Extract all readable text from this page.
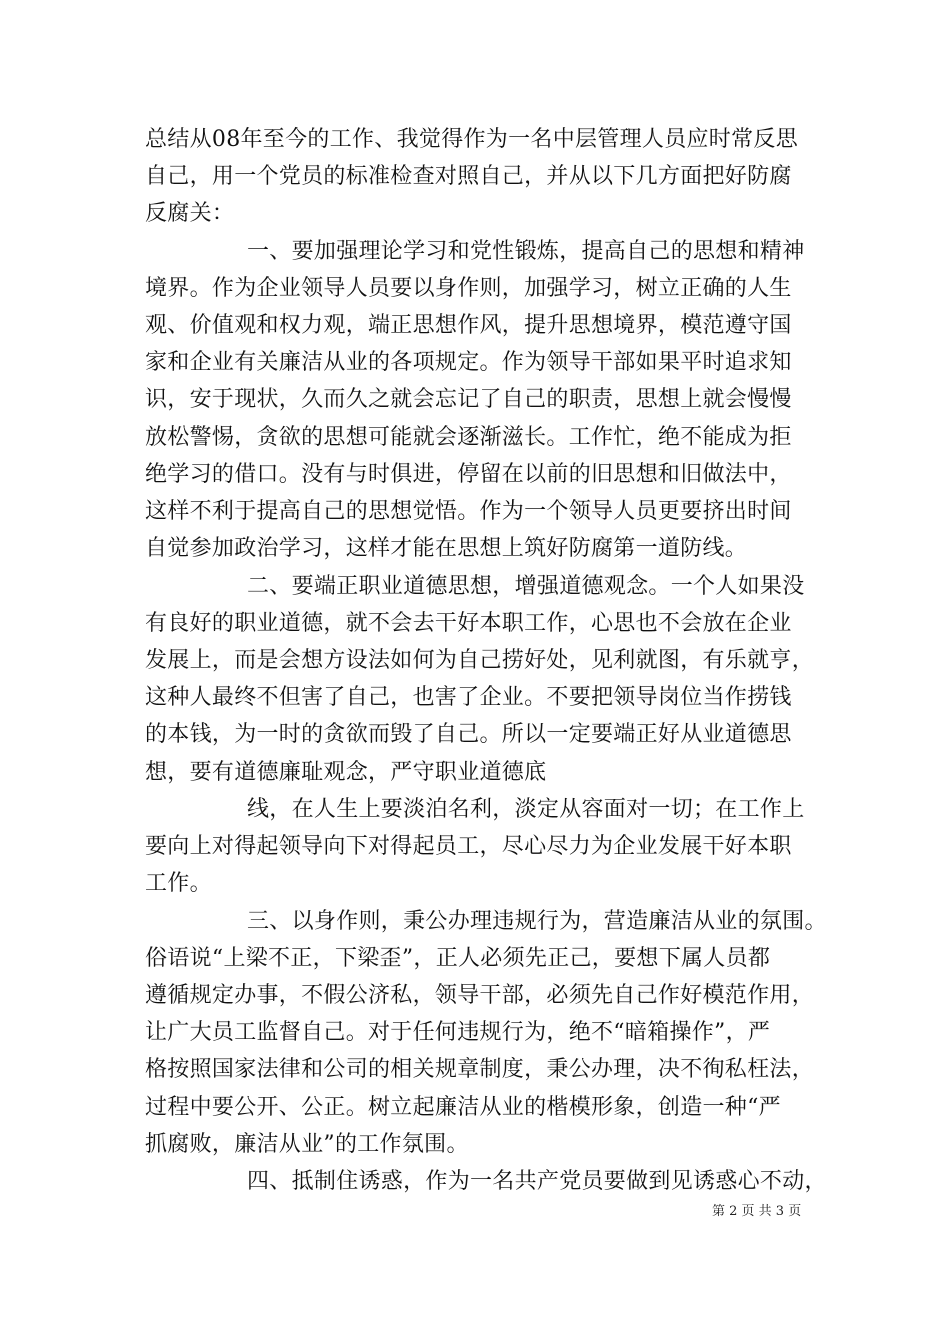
总结从08年至今的工作、我觉得作为一名中层管理人员应时常反思
自己，用一个党员的标准检查对照自己，并从以下几方面把好防腐
反腐关：
一、要加强理论学习和党性锻炼，提高自己的思想和精神
境界。作为企业领导人员要以身作则，加强学习，树立正确的人生
观、价值观和权力观，端正思想作风，提升思想境界，模范遵守国
家和企业有关廉洁从业的各项规定。作为领导干部如果平时追求知
识，安于现状，久而久之就会忘记了自己的职责，思想上就会慢慢
放松警惕，贪欲的思想可能就会逐渐滋长。工作忙，绝不能成为拒
绝学习的借口。没有与时俱进，停留在以前的旧思想和旧做法中，
这样不利于提高自己的思想觉悟。作为一个领导人员更要挤出时间
自觉参加政治学习，这样才能在思想上筑好防腐第一道防线。
二、要端正职业道德思想，增强道德观念。一个人如果没
有良好的职业道德，就不会去干好本职工作，心思也不会放在企业
发展上，而是会想方设法如何为自己捞好处，见利就图，有乐就亨，
这种人最终不但害了自己，也害了企业。不要把领导岗位当作捞钱
的本钱，为一时的贪欲而毁了自己。所以一定要端正好从业道德思
想，要有道德廉耻观念，严守职业道德底
线，在人生上要淡泊名利，淡定从容面对一切；在工作上
要向上对得起领导向下对得起员工，尽心尽力为企业发展干好本职
工作。
三、以身作则，秉公办理违规行为，营造廉洁从业的氛围。
俗语说“上梁不正，下梁歪”，正人必须先正己，要想下属人员都
遵循规定办事，不假公济私，领导干部，必须先自己作好模范作用，
让广大员工监督自己。对于任何违规行为，绝不“暗箱操作”，严
格按照国家法律和公司的相关规章制度，秉公办理，决不徇私枉法，
过程中要公开、公正。树立起廉洁从业的楷模形象，创造一种“严
抓腐败，廉洁从业”的工作氛围。
四、抵制住诱惑，作为一名共产党员要做到见诱惑心不动，
第 2 页 共 3 页
